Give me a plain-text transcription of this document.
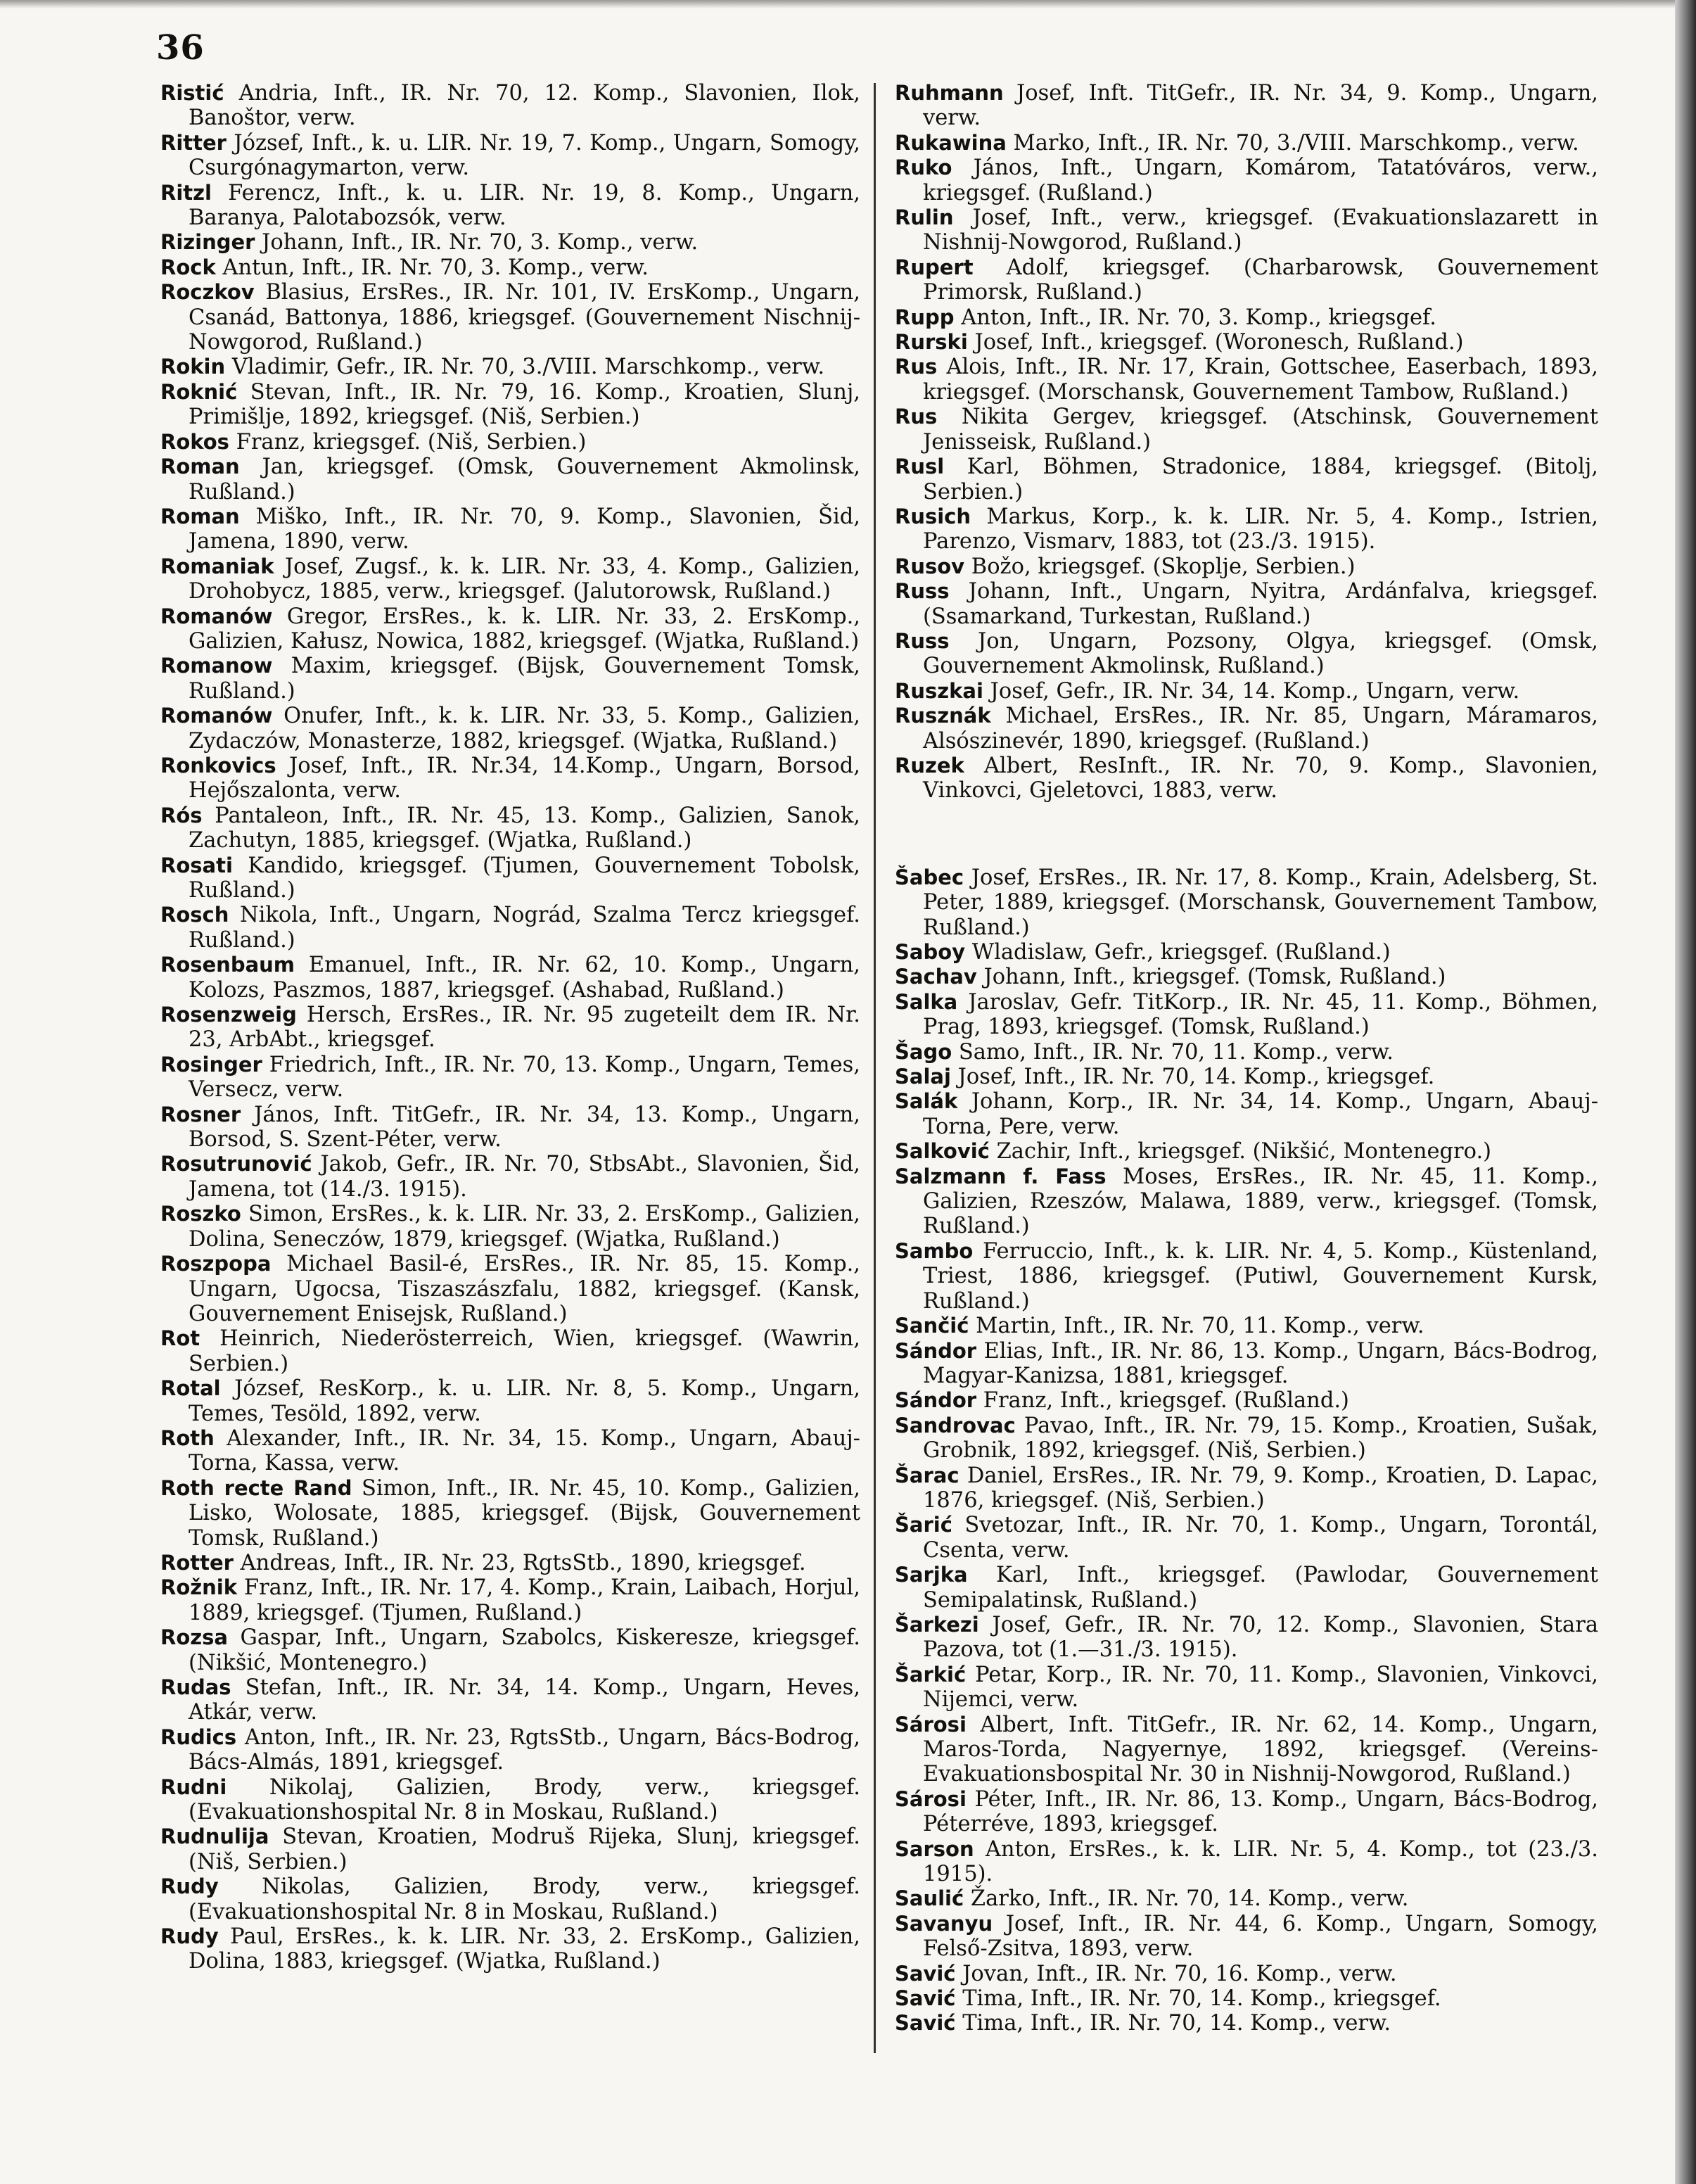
36

Ristić Andria, Inft., IR. Nr. 70, 12. Komp., Slavonien, Ilok, Banoštor, verw.

Ritter József, Inft., k. u. LIR. Nr. 19, 7. Komp., Ungarn, Somogy, Csurgónagymarton, verw.

Ritzl Ferencz, Inft., k. u. LIR. Nr. 19, 8. Komp., Ungarn, Baranya, Palotabozsók, verw.

Rizinger Johann, Inft., IR. Nr. 70, 3. Komp., verw.

Rock Antun, Inft., IR. Nr. 70, 3. Komp., verw.

Roczkov Blasius, ErsRes., IR. Nr. 101, IV. ErsKomp., Ungarn, Csanád, Battonya, 1886, kriegsgef. (Gouvernement Nischnij-Nowgorod, Rußland.)

Rokin Vladimir, Gefr., IR. Nr. 70, 3./VIII. Marschkomp., verw.

Roknić Stevan, Inft., IR. Nr. 79, 16. Komp., Kroatien, Slunj, Primišlje, 1892, kriegsgef. (Niš, Serbien.)

Rokos Franz, kriegsgef. (Niš, Serbien.)

Roman Jan, kriegsgef. (Omsk, Gouvernement Akmolinsk, Rußland.)

Roman Miško, Inft., IR. Nr. 70, 9. Komp., Slavonien, Šid, Jamena, 1890, verw.

Romaniak Josef, Zugsf., k. k. LIR. Nr. 33, 4. Komp., Galizien, Drohobycz, 1885, verw., kriegsgef. (Jalutorowsk, Rußland.)

Romanów Gregor, ErsRes., k. k. LIR. Nr. 33, 2. ErsKomp., Galizien, Kałusz, Nowica, 1882, kriegsgef. (Wjatka, Rußland.)

Romanow Maxim, kriegsgef. (Bijsk, Gouvernement Tomsk, Rußland.)

Romanów Onufer, Inft., k. k. LIR. Nr. 33, 5. Komp., Galizien, Zydaczów, Monasterze, 1882, kriegsgef. (Wjatka, Rußland.)

Ronkovics Josef, Inft., IR. Nr.34, 14.Komp., Ungarn, Borsod, Hejőszalonta, verw.

Rós Pantaleon, Inft., IR. Nr. 45, 13. Komp., Galizien, Sanok, Zachutyn, 1885, kriegsgef. (Wjatka, Rußland.)

Rosati Kandido, kriegsgef. (Tjumen, Gouvernement Tobolsk, Rußland.)

Rosch Nikola, Inft., Ungarn, Nográd, Szalma Tercz kriegsgef. Rußland.)

Rosenbaum Emanuel, Inft., IR. Nr. 62, 10. Komp., Ungarn, Kolozs, Paszmos, 1887, kriegsgef. (Ashabad, Rußland.)

Rosenzweig Hersch, ErsRes., IR. Nr. 95 zugeteilt dem IR. Nr. 23, ArbAbt., kriegsgef.

Rosinger Friedrich, Inft., IR. Nr. 70, 13. Komp., Ungarn, Temes, Versecz, verw.

Rosner János, Inft. TitGefr., IR. Nr. 34, 13. Komp., Ungarn, Borsod, S. Szent-Péter, verw.

Rosutrunović Jakob, Gefr., IR. Nr. 70, StbsAbt., Slavonien, Šid, Jamena, tot (14./3. 1915).

Roszko Simon, ErsRes., k. k. LIR. Nr. 33, 2. ErsKomp., Galizien, Dolina, Seneczów, 1879, kriegsgef. (Wjatka, Rußland.)

Roszpopa Michael Basil-é, ErsRes., IR. Nr. 85, 15. Komp., Ungarn, Ugocsa, Tiszaszászfalu, 1882, kriegsgef. (Kansk, Gouvernement Enisejsk, Rußland.)

Rot Heinrich, Niederösterreich, Wien, kriegsgef. (Wawrin, Serbien.)

Rotal József, ResKorp., k. u. LIR. Nr. 8, 5. Komp., Ungarn, Temes, Tesöld, 1892, verw.

Roth Alexander, Inft., IR. Nr. 34, 15. Komp., Ungarn, Abauj-Torna, Kassa, verw.

Roth recte Rand Simon, Inft., IR. Nr. 45, 10. Komp., Galizien, Lisko, Wolosate, 1885, kriegsgef. (Bijsk, Gouvernement Tomsk, Rußland.)

Rotter Andreas, Inft., IR. Nr. 23, RgtsStb., 1890, kriegsgef.

Rožnik Franz, Inft., IR. Nr. 17, 4. Komp., Krain, Laibach, Horjul, 1889, kriegsgef. (Tjumen, Rußland.)

Rozsa Gaspar, Inft., Ungarn, Szabolcs, Kiskeresze, kriegsgef. (Nikšić, Montenegro.)

Rudas Stefan, Inft., IR. Nr. 34, 14. Komp., Ungarn, Heves, Atkár, verw.

Rudics Anton, Inft., IR. Nr. 23, RgtsStb., Ungarn, Bács-Bodrog, Bács-Almás, 1891, kriegsgef.

Rudni Nikolaj, Galizien, Brody, verw., kriegsgef. (Evakuationshospital Nr. 8 in Moskau, Rußland.)

Rudnulija Stevan, Kroatien, Modruš Rijeka, Slunj, kriegsgef. (Niš, Serbien.)

Rudy Nikolas, Galizien, Brody, verw., kriegsgef. (Evakuationshospital Nr. 8 in Moskau, Rußland.)

Rudy Paul, ErsRes., k. k. LIR. Nr. 33, 2. ErsKomp., Galizien, Dolina, 1883, kriegsgef. (Wjatka, Rußland.)

Ruhmann Josef, Inft. TitGefr., IR. Nr. 34, 9. Komp., Ungarn, verw.

Rukawina Marko, Inft., IR. Nr. 70, 3./VIII. Marschkomp., verw.

Ruko János, Inft., Ungarn, Komárom, Tatatóváros, verw., kriegsgef. (Rußland.)

Rulin Josef, Inft., verw., kriegsgef. (Evakuationslazarett in Nishnij-Nowgorod, Rußland.)

Rupert Adolf, kriegsgef. (Charbarowsk, Gouvernement Primorsk, Rußland.)

Rupp Anton, Inft., IR. Nr. 70, 3. Komp., kriegsgef.

Rurski Josef, Inft., kriegsgef. (Woronesch, Rußland.)

Rus Alois, Inft., IR. Nr. 17, Krain, Gottschee, Easerbach, 1893, kriegsgef. (Morschansk, Gouvernement Tambow, Rußland.)

Rus Nikita Gergev, kriegsgef. (Atschinsk, Gouvernement Jenisseisk, Rußland.)

Rusl Karl, Böhmen, Stradonice, 1884, kriegsgef. (Bitolj, Serbien.)

Rusich Markus, Korp., k. k. LIR. Nr. 5, 4. Komp., Istrien, Parenzo, Vismarv, 1883, tot (23./3. 1915).

Rusov Božo, kriegsgef. (Skoplje, Serbien.)

Russ Johann, Inft., Ungarn, Nyitra, Ardánfalva, kriegsgef. (Ssamarkand, Turkestan, Rußland.)

Russ Jon, Ungarn, Pozsony, Olgya, kriegsgef. (Omsk, Gouvernement Akmolinsk, Rußland.)

Ruszkai Josef, Gefr., IR. Nr. 34, 14. Komp., Ungarn, verw.

Rusznák Michael, ErsRes., IR. Nr. 85, Ungarn, Máramaros, Alsószinevér, 1890, kriegsgef. (Rußland.)

Ruzek Albert, ResInft., IR. Nr. 70, 9. Komp., Slavonien, Vinkovci, Gjeletovci, 1883, verw.

Šabec Josef, ErsRes., IR. Nr. 17, 8. Komp., Krain, Adelsberg, St. Peter, 1889, kriegsgef. (Morschansk, Gouvernement Tambow, Rußland.)

Saboy Wladislaw, Gefr., kriegsgef. (Rußland.)

Sachav Johann, Inft., kriegsgef. (Tomsk, Rußland.)

Salka Jaroslav, Gefr. TitKorp., IR. Nr. 45, 11. Komp., Böhmen, Prag, 1893, kriegsgef. (Tomsk, Rußland.)

Šago Samo, Inft., IR. Nr. 70, 11. Komp., verw.

Salaj Josef, Inft., IR. Nr. 70, 14. Komp., kriegsgef.

Salák Johann, Korp., IR. Nr. 34, 14. Komp., Ungarn, Abauj-Torna, Pere, verw.

Salković Zachir, Inft., kriegsgef. (Nikšić, Montenegro.)

Salzmann f. Fass Moses, ErsRes., IR. Nr. 45, 11. Komp., Galizien, Rzeszów, Malawa, 1889, verw., kriegsgef. (Tomsk, Rußland.)

Sambo Ferruccio, Inft., k. k. LIR. Nr. 4, 5. Komp., Küstenland, Triest, 1886, kriegsgef. (Putiwl, Gouvernement Kursk, Rußland.)

Sančić Martin, Inft., IR. Nr. 70, 11. Komp., verw.

Sándor Elias, Inft., IR. Nr. 86, 13. Komp., Ungarn, Bács-Bodrog, Magyar-Kanizsa, 1881, kriegsgef.

Sándor Franz, Inft., kriegsgef. (Rußland.)

Sandrovac Pavao, Inft., IR. Nr. 79, 15. Komp., Kroatien, Sušak, Grobnik, 1892, kriegsgef. (Niš, Serbien.)

Šarac Daniel, ErsRes., IR. Nr. 79, 9. Komp., Kroatien, D. Lapac, 1876, kriegsgef. (Niš, Serbien.)

Šarić Svetozar, Inft., IR. Nr. 70, 1. Komp., Ungarn, Torontál, Csenta, verw.

Sarjka Karl, Inft., kriegsgef. (Pawlodar, Gouvernement Semipalatinsk, Rußland.)

Šarkezi Josef, Gefr., IR. Nr. 70, 12. Komp., Slavonien, Stara Pazova, tot (1.—31./3. 1915).

Šarkić Petar, Korp., IR. Nr. 70, 11. Komp., Slavonien, Vinkovci, Nijemci, verw.

Sárosi Albert, Inft. TitGefr., IR. Nr. 62, 14. Komp., Ungarn, Maros-Torda, Nagyernye, 1892, kriegsgef. (Vereins-Evakuationsbospital Nr. 30 in Nishnij-Nowgorod, Rußland.)

Sárosi Péter, Inft., IR. Nr. 86, 13. Komp., Ungarn, Bács-Bodrog, Péterréve, 1893, kriegsgef.

Sarson Anton, ErsRes., k. k. LIR. Nr. 5, 4. Komp., tot (23./3. 1915).

Saulić Žarko, Inft., IR. Nr. 70, 14. Komp., verw.

Savanyu Josef, Inft., IR. Nr. 44, 6. Komp., Ungarn, Somogy, Felső-Zsitva, 1893, verw.

Savić Jovan, Inft., IR. Nr. 70, 16. Komp., verw.

Savić Tima, Inft., IR. Nr. 70, 14. Komp., kriegsgef.

Savić Tima, Inft., IR. Nr. 70, 14. Komp., verw.
